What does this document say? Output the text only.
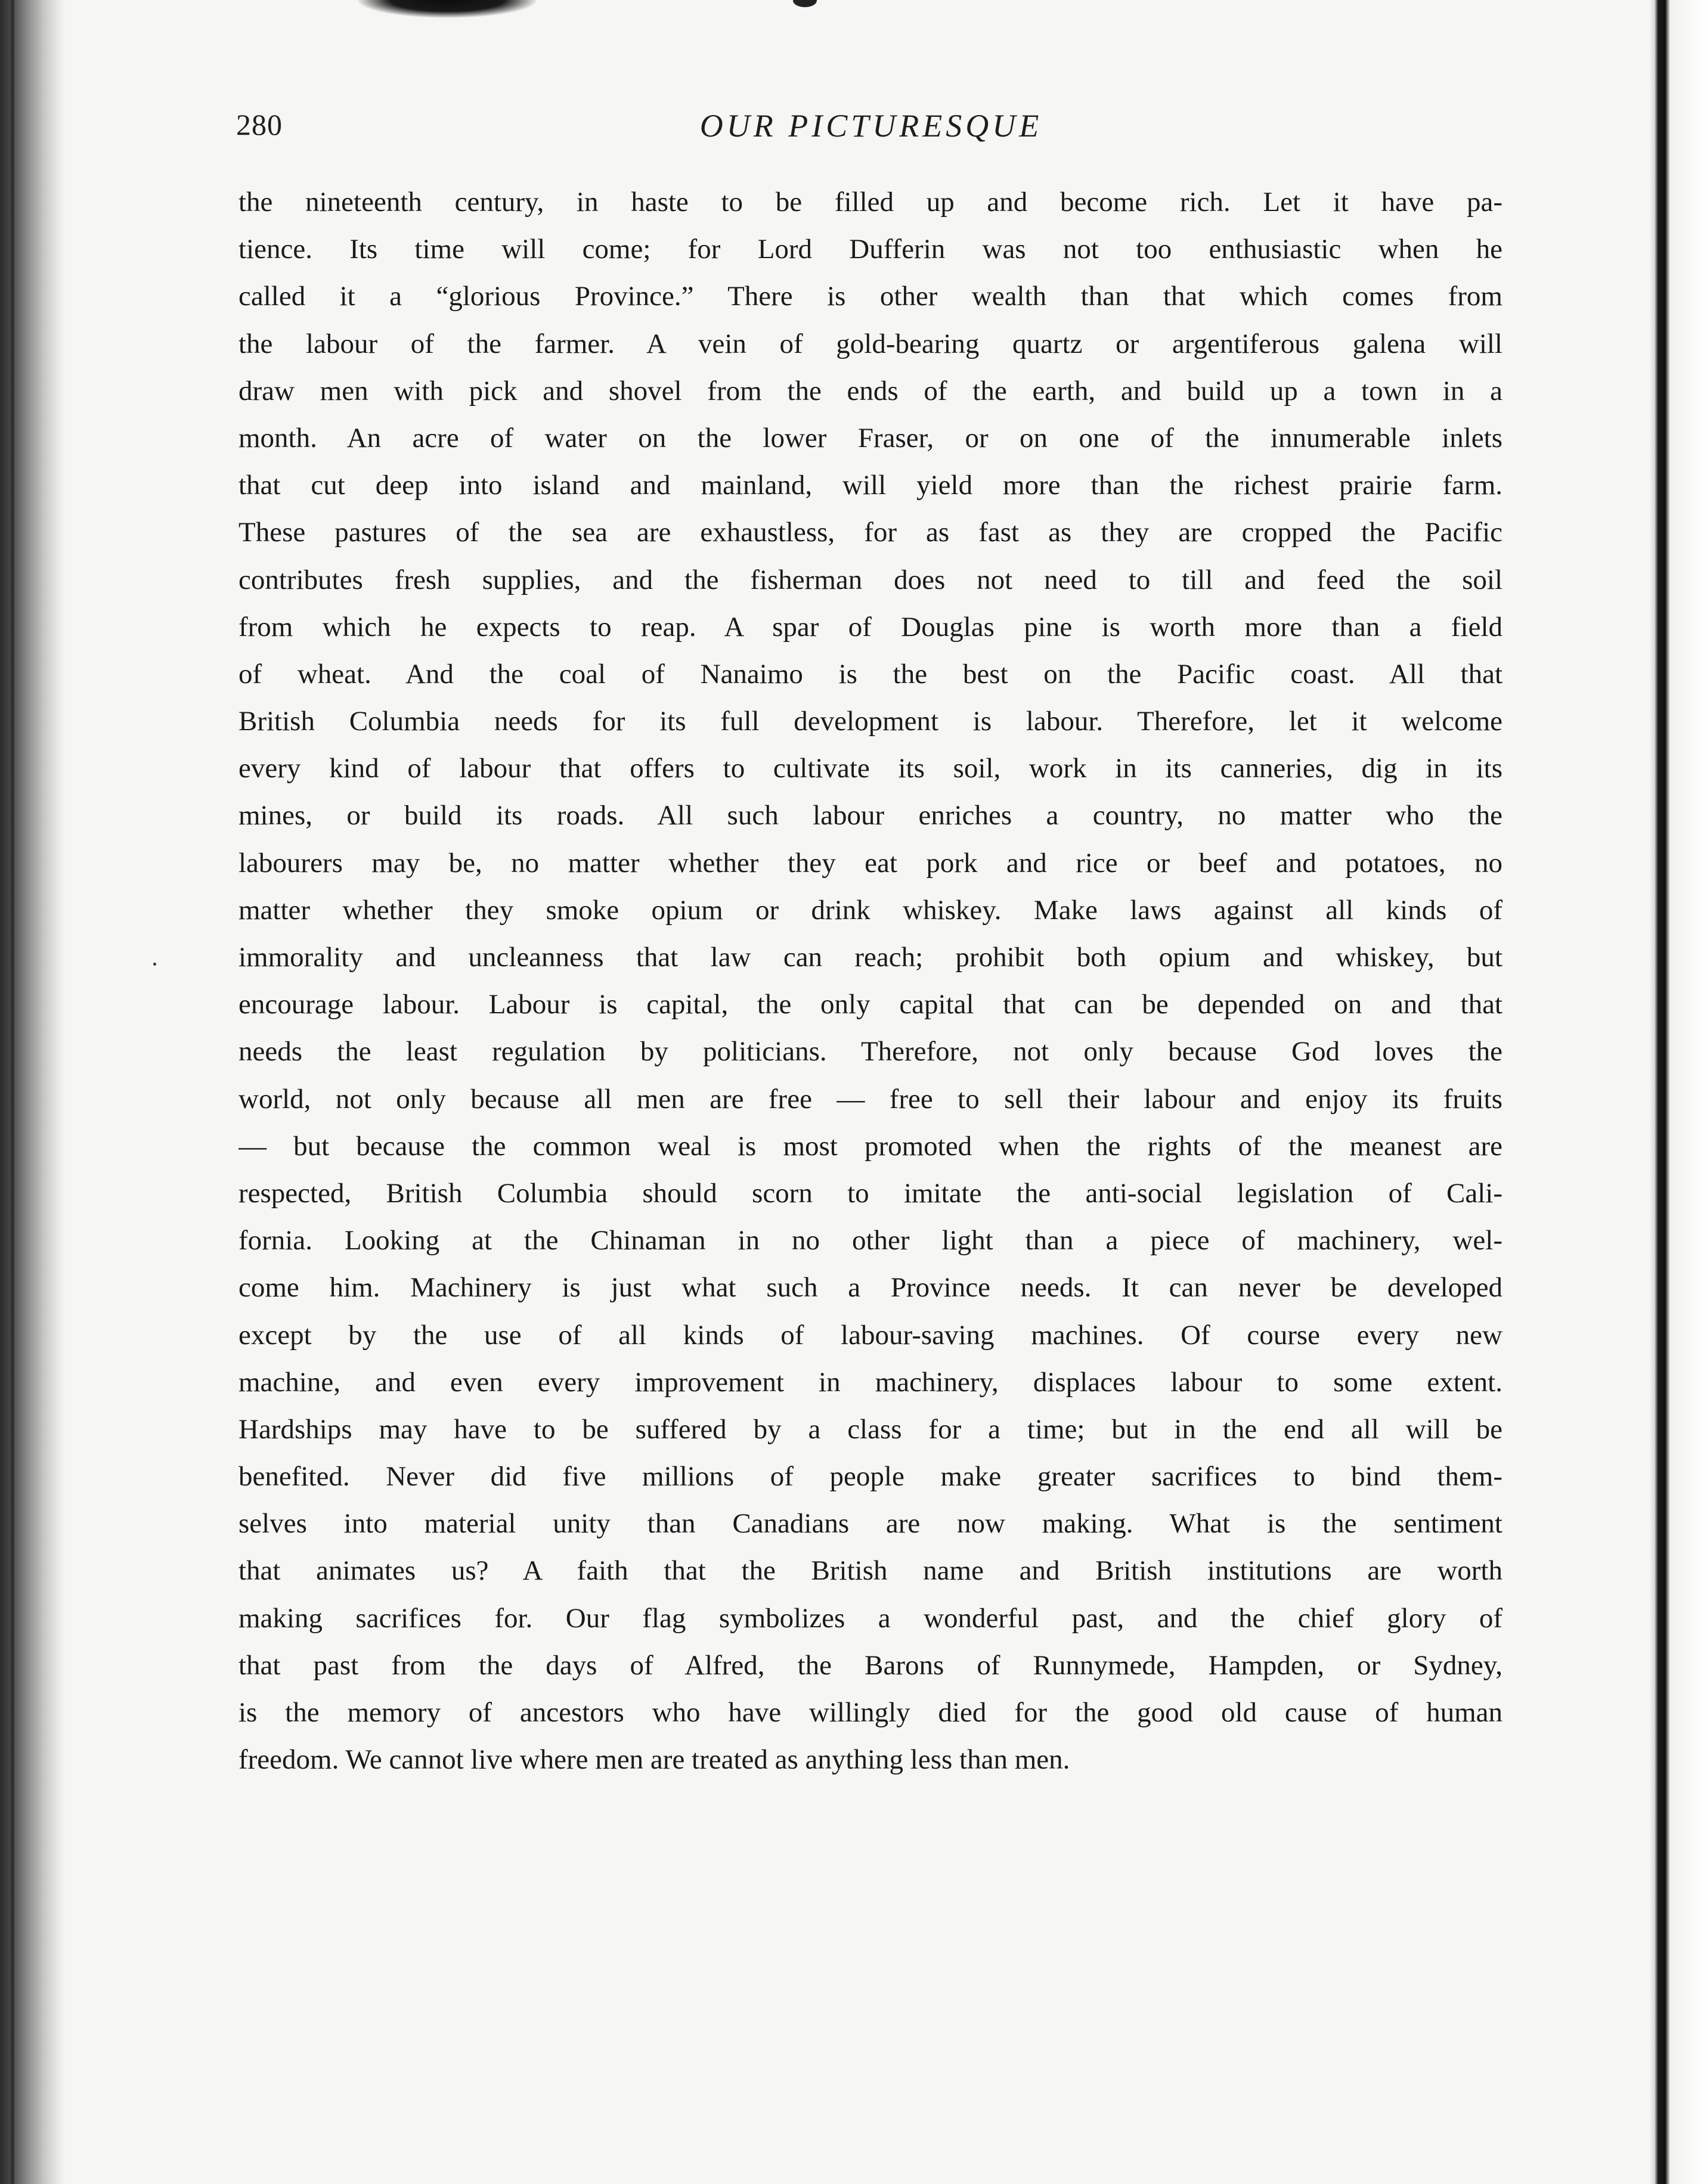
280	OUR PICTURESQUE
the nineteenth century, in haste to be filled up and become rich. Let it have pa-
tience. Its time will come; for Lord Dufferin was not too enthusiastic when he
called it a “glorious Province.” There is other wealth than that which comes from
the labour of the farmer. A vein of gold-bearing quartz or argentiferous galena will
draw men with pick and shovel from the ends of the earth, and build up a town in a
month. An acre of water on the lower Fraser, or on one of the innumerable inlets
that cut deep into island and mainland, will yield more than the richest prairie farm.
These pastures of the sea are exhaustless, for as fast as they are cropped the Pacific
contributes fresh supplies, and the fisherman does not need to till and feed the soil
from which he expects to reap. A spar of Douglas pine is worth more than a field
of wheat. And the coal of Nanaimo is the best on the Pacific coast. All that
British Columbia needs for its full development is labour. Therefore, let it welcome
every kind of labour that offers to cultivate its soil, work in its canneries, dig in its
mines, or build its roads. All such labour enriches a country, no matter who the
labourers may be, no matter whether they eat pork and rice or beef and potatoes, no
matter whether they smoke opium or drink whiskey. Make laws against all kinds of
immorality and uncleanness that law can reach; prohibit both opium and whiskey, but
encourage labour. Labour is capital, the only capital that can be depended on and that
needs the least regulation by politicians. Therefore, not only because God loves the
world, not only because all men are free — free to sell their labour and enjoy its fruits
— but because the common weal is most promoted when the rights of the meanest are
respected, British Columbia should scorn to imitate the anti-social legislation of Cali-
fornia. Looking at the Chinaman in no other light than a piece of machinery, wel-
come him. Machinery is just what such a Province needs. It can never be developed
except by the use of all kinds of labour-saving machines. Of course every new
machine, and even every improvement in machinery, displaces labour to some extent.
Hardships may have to be suffered by a class for a time; but in the end all will be
benefited. Never did five millions of people make greater sacrifices to bind them-
selves into material unity than Canadians are now making. What is the sentiment
that animates us? A faith that the British name and British institutions are worth
making sacrifices for. Our flag symbolizes a wonderful past, and the chief glory of
that past from the days of Alfred, the Barons of Runnymede, Hampden, or Sydney,
is the memory of ancestors who have willingly died for the good old cause of human
freedom. We cannot live where men are treated as anything less than men.
